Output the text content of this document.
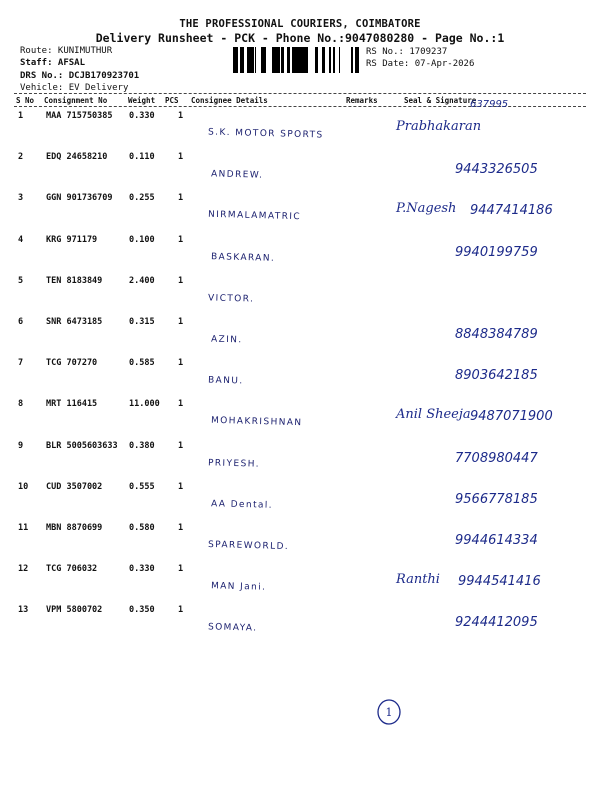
THE PROFESSIONAL COURIERS, COIMBATORE
Delivery Runsheet - PCK - Phone No.:9047080280 - Page No.:1
Route: KUNIMUTHUR
Staff: AFSAL
DRS No.: DCJB170923701
Vehicle: EV Delivery
RS No.: 1709237
RS Date: 07-Apr-2026
S No Consignment No	Weight PCS Consignee Details	Remarks	Seal & Signature
1	MAA 715750385 0.330	1
S.K. MOTOR SPORTS
Prabhakaran
637995
2	EDQ 24658210	0.110	1
ANDREW.	9443326505
3	GGN 901736709 0.255	1
NIRMALAMATRIC	P.Nagesh 9447414186
4	KRG 971179	0.100	1
BASKARAN.	9940199759
5	TEN 8183849	2.400	1
VICTOR.
6	SNR 6473185	0.315	1
AZIN.	8848384789
7	TCG 707270	0.585	1
BANU.	8903642185
8	MRT 116415	11.000 1
MOHAKRISHNAN	Anil Sheeja 9487071900
9	BLR 5005603633 0.380	1
PRIYESH.	7708980447
10 CUD 3507002	0.555	1
AA Dental.	9566778185
11 MBN 8870699	0.580	1
SPAREWORLD.	9944614334
12 TCG 706032	0.330	1
MAN Jani.	Ranthi 9944541416
13 VPM 5800702	0.350	1
SOMAYA.	9244412095
1
